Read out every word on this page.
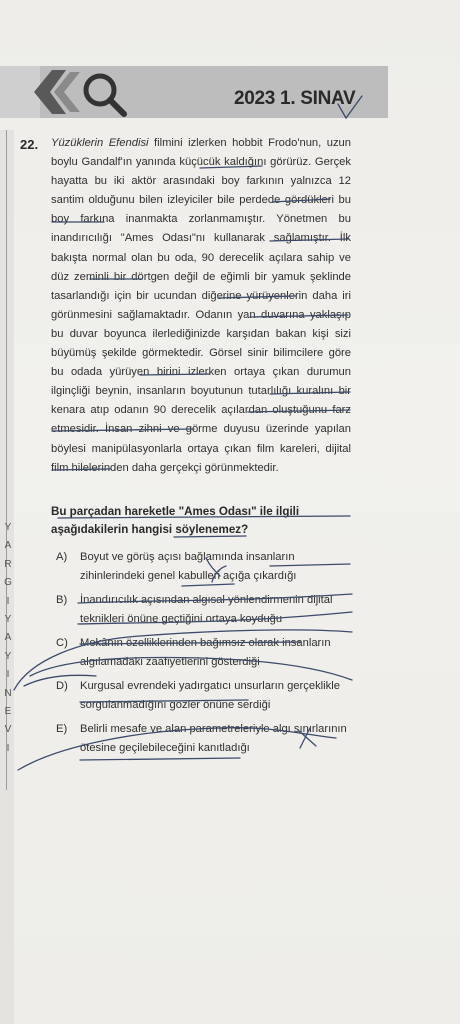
2023 1. SINAV
Y
A
R
G
I
Y
A
Y
I
N
E
V
I
22. Yüzüklerin Efendisi filmini izlerken hobbit Frodo'nun, uzun boylu Gandalf'ın yanında küçücük kaldığını görürüz. Gerçek hayatta bu iki aktör arasındaki boy farkının yalnızca 12 santim olduğunu bilen izleyiciler bile perdede gördükleri bu boy farkına inanmakta zorlanmamıştır. Yönetmen bu inandırıcılığı "Ames Odası"nı kullanarak sağlamıştır. İlk bakışta normal olan bu oda, 90 derecelik açılara sahip ve düz zeminli bir dörtgen değil de eğimli bir yamuk şeklinde tasarlandığı için bir ucundan diğerine yürüyenlerin daha iri görünmesini sağlamaktadır. Odanın yan duvarına yaklaşıp bu duvar boyunca ilerlediğinizde karşıdan bakan kişi sizi büyümüş şekilde görmektedir. Görsel sinir bilimcilere göre bu odada yürüyen birini izlerken ortaya çıkan durumun ilginçliği beynin, insanların boyutunun tutarlılığı kuralını bir kenara atıp odanın 90 derecelik açılardan oluştuğunu farz etmesidir. İnsan zihni ve görme duyusu üzerinde yapılan böylesi manipülasyonlarla ortaya çıkan film kareleri, dijital film hilelerinden daha gerçekçi görünmektedir.
Bu parçadan hareketle "Ames Odası" ile ilgili aşağıdakilerin hangisi söylenemez?
A) Boyut ve görüş açısı bağlamında insanların zihinlerindeki genel kabulleri açığa çıkardığı
B) İnandırıcılık açısından algısal yönlendirmenin dijital teknikleri önüne geçtiğini ortaya koyduğu
C) Mekânın özelliklerinden bağımsız olarak insanların algılamadaki zaafiyetlerini gösterdiği
D) Kurgusal evrendeki yadırgatıcı unsurların gerçeklikle sorgulanmadığını gözler önüne serdiği
E) Belirli mesafe ve alan parametreleriyle algı sınırlarının ötesine geçilebileceğini kanıtladığı
